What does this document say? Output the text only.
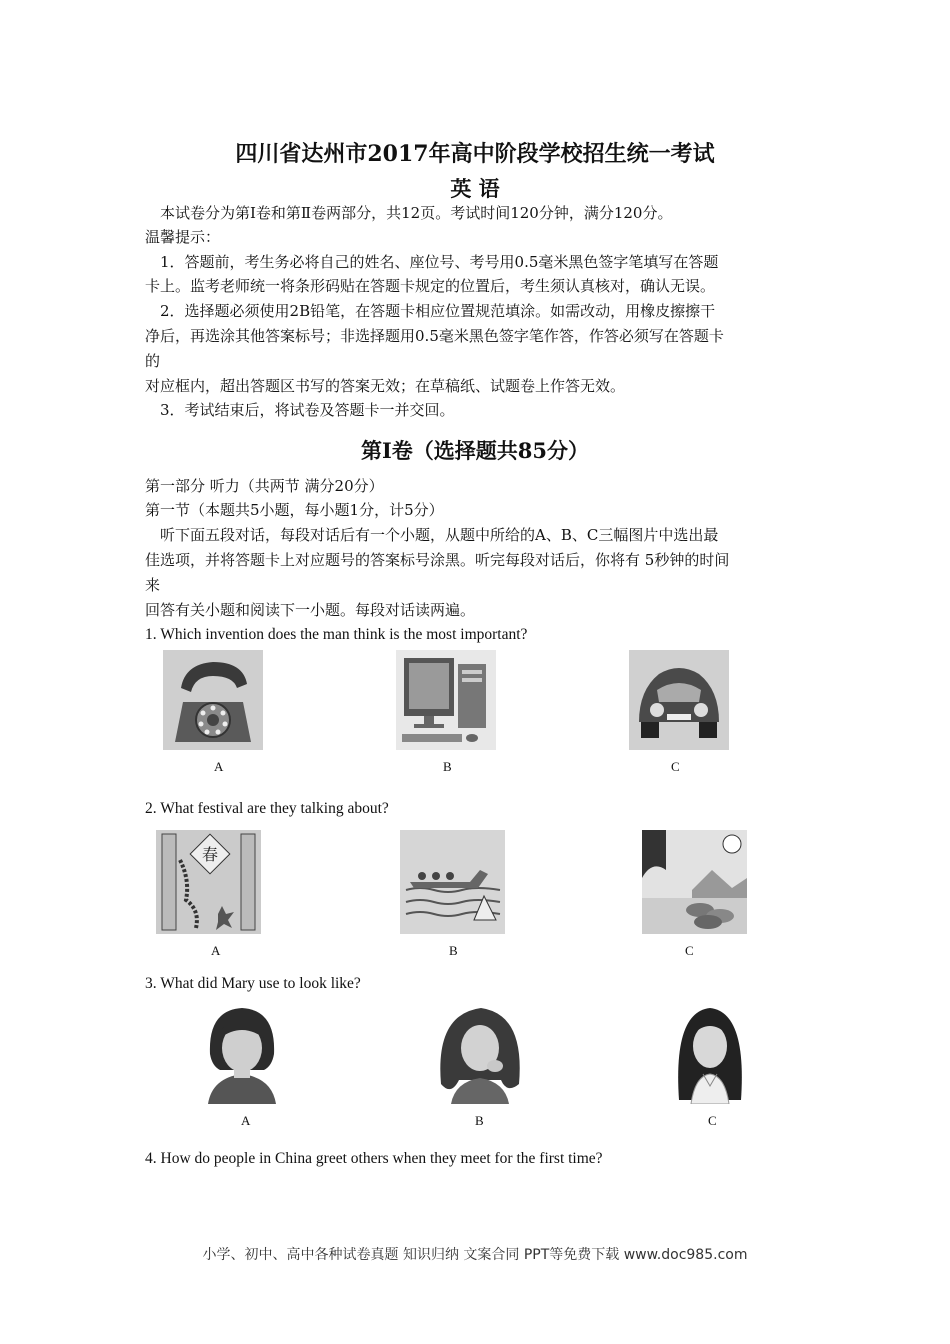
四川省达州市2017年高中阶段学校招生统一考试
英 语
本试卷分为第Ⅰ卷和第Ⅱ卷两部分，共12页。考试时间120分钟，满分120分。
温馨提示：
1．答题前，考生务必将自己的姓名、座位号、考号用0.5毫米黑色签字笔填写在答题
卡上。监考老师统一将条形码贴在答题卡规定的位置后，考生须认真核对，确认无误。
2．选择题必须使用2B铅笔，在答题卡相应位置规范填涂。如需改动，用橡皮擦擦干
净后，再选涂其他答案标号；非选择题用0.5毫米黑色签字笔作答，作答必须写在答题卡
的
对应框内，超出答题区书写的答案无效；在草稿纸、试题卷上作答无效。
3．考试结束后，将试卷及答题卡一并交回。
第Ⅰ卷（选择题共85分）
第一部分 听力（共两节 满分20分）
第一节（本题共5小题，每小题1分，计5分）
听下面五段对话，每段对话后有一个小题，从题中所给的A、B、C三幅图片中选出最
佳选项，并将答题卡上对应题号的答案标号涂黑。听完每段对话后，你将有 5秒钟的时间
来
回答有关小题和阅读下一小题。每段对话读两遍。
1. Which invention does the man think is the most important?
A	B	C
2. What festival are they talking about?
春
A	B	C
3. What did Mary use to look like?
A	B	C
4. How do people in China greet others when they meet for the first time?
小学、初中、高中各种试卷真题 知识归纳 文案合同 PPT等免费下载 www.doc985.com
